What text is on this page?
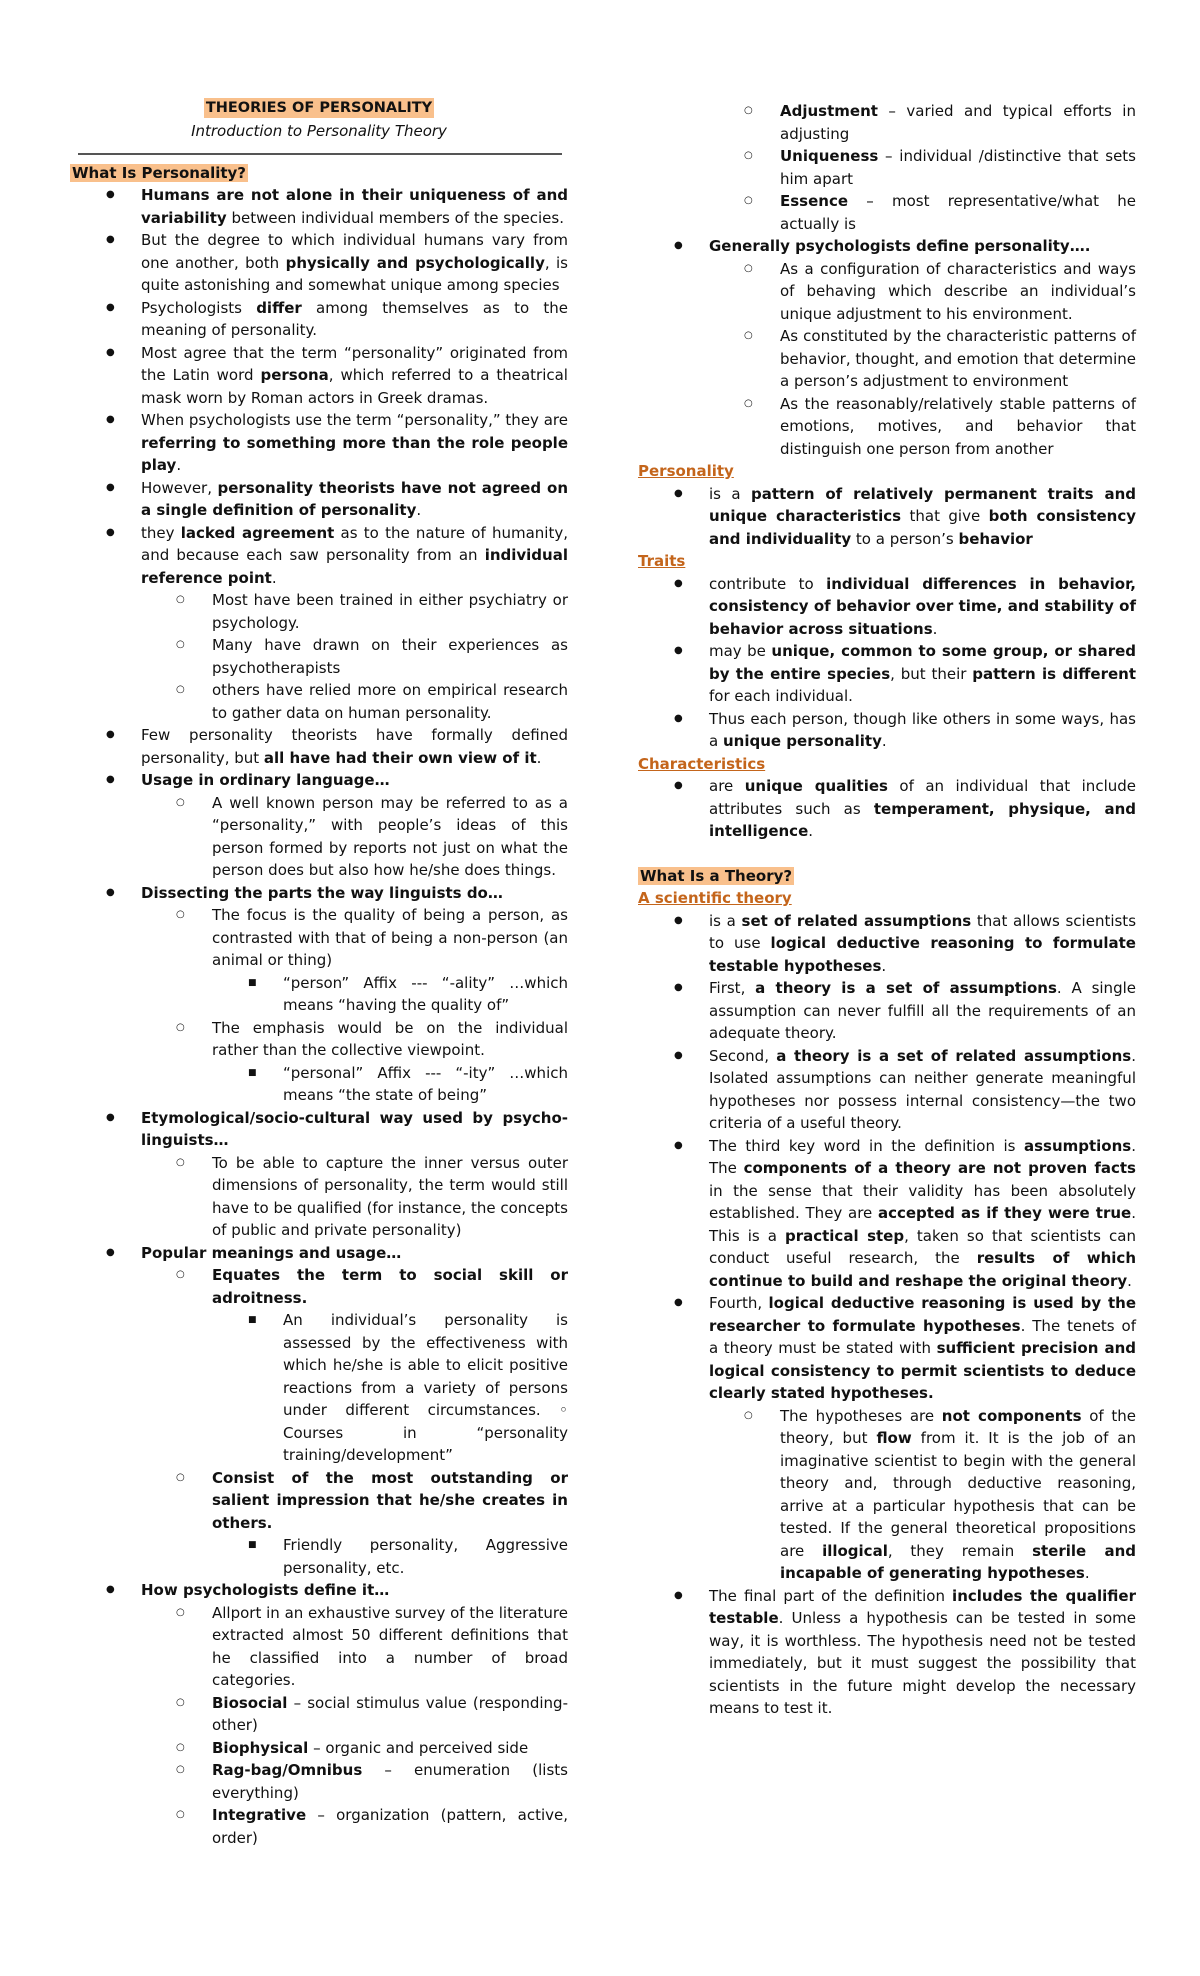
THEORIES OF PERSONALITY
Introduction to Personality Theory
What Is Personality?
● Humans are not alone in their uniqueness of and variability between individual members of the species.
● But the degree to which individual humans vary from one another, both physically and psychologically, is quite astonishing and somewhat unique among species
● Psychologists differ among themselves as to the meaning of personality.
● Most agree that the term “personality” originated from the Latin word persona, which referred to a theatrical mask worn by Roman actors in Greek dramas.
● When psychologists use the term “personality,” they are referring to something more than the role people play.
● However, personality theorists have not agreed on a single definition of personality.
● they lacked agreement as to the nature of humanity, and because each saw personality from an individual reference point.
○ Most have been trained in either psychiatry or psychology.
○ Many have drawn on their experiences as psychotherapists
○ others have relied more on empirical research to gather data on human personality.
● Few personality theorists have formally defined personality, but all have had their own view of it.
● Usage in ordinary language…
○ A well known person may be referred to as a “personality,” with people’s ideas of this person formed by reports not just on what the person does but also how he/she does things.
● Dissecting the parts the way linguists do…
○ The focus is the quality of being a person, as contrasted with that of being a non-person (an animal or thing)
■ “person” Affix --- “-ality” …which means “having the quality of”
○ The emphasis would be on the individual rather than the collective viewpoint.
■ “personal” Affix --- “-ity” …which means “the state of being”
● Etymological/socio-cultural way used by psycho-linguists…
○ To be able to capture the inner versus outer dimensions of personality, the term would still have to be qualified (for instance, the concepts of public and private personality)
● Popular meanings and usage…
○ Equates the term to social skill or adroitness.
■ An individual’s personality is assessed by the effectiveness with which he/she is able to elicit positive reactions from a variety of persons under different circumstances. ◦ Courses in “personality training/development”
○ Consist of the most outstanding or salient impression that he/she creates in others.
■ Friendly personality, Aggressive personality, etc.
● How psychologists define it…
○ Allport in an exhaustive survey of the literature extracted almost 50 different definitions that he classified into a number of broad categories.
○ Biosocial – social stimulus value (responding-other)
○ Biophysical – organic and perceived side
○ Rag-bag/Omnibus – enumeration (lists everything)
○ Integrative – organization (pattern, active, order)
○ Adjustment – varied and typical efforts in adjusting
○ Uniqueness – individual /distinctive that sets him apart
○ Essence – most representative/what he actually is
● Generally psychologists define personality….
○ As a configuration of characteristics and ways of behaving which describe an individual’s unique adjustment to his environment.
○ As constituted by the characteristic patterns of behavior, thought, and emotion that determine a person’s adjustment to environment
○ As the reasonably/relatively stable patterns of emotions, motives, and behavior that distinguish one person from another
Personality
● is a pattern of relatively permanent traits and unique characteristics that give both consistency and individuality to a person’s behavior
Traits
● contribute to individual differences in behavior, consistency of behavior over time, and stability of behavior across situations.
● may be unique, common to some group, or shared by the entire species, but their pattern is different for each individual.
● Thus each person, though like others in some ways, has a unique personality.
Characteristics
● are unique qualities of an individual that include attributes such as temperament, physique, and intelligence.
What Is a Theory?
A scientific theory
● is a set of related assumptions that allows scientists to use logical deductive reasoning to formulate testable hypotheses.
● First, a theory is a set of assumptions. A single assumption can never fulfill all the requirements of an adequate theory.
● Second, a theory is a set of related assumptions. Isolated assumptions can neither generate meaningful hypotheses nor possess internal consistency—the two criteria of a useful theory.
● The third key word in the definition is assumptions. The components of a theory are not proven facts in the sense that their validity has been absolutely established. They are accepted as if they were true. This is a practical step, taken so that scientists can conduct useful research, the results of which continue to build and reshape the original theory.
● Fourth, logical deductive reasoning is used by the researcher to formulate hypotheses. The tenets of a theory must be stated with sufficient precision and logical consistency to permit scientists to deduce clearly stated hypotheses.
○ The hypotheses are not components of the theory, but flow from it. It is the job of an imaginative scientist to begin with the general theory and, through deductive reasoning, arrive at a particular hypothesis that can be tested. If the general theoretical propositions are illogical, they remain sterile and incapable of generating hypotheses.
● The final part of the definition includes the qualifier testable. Unless a hypothesis can be tested in some way, it is worthless. The hypothesis need not be tested immediately, but it must suggest the possibility that scientists in the future might develop the necessary means to test it.
